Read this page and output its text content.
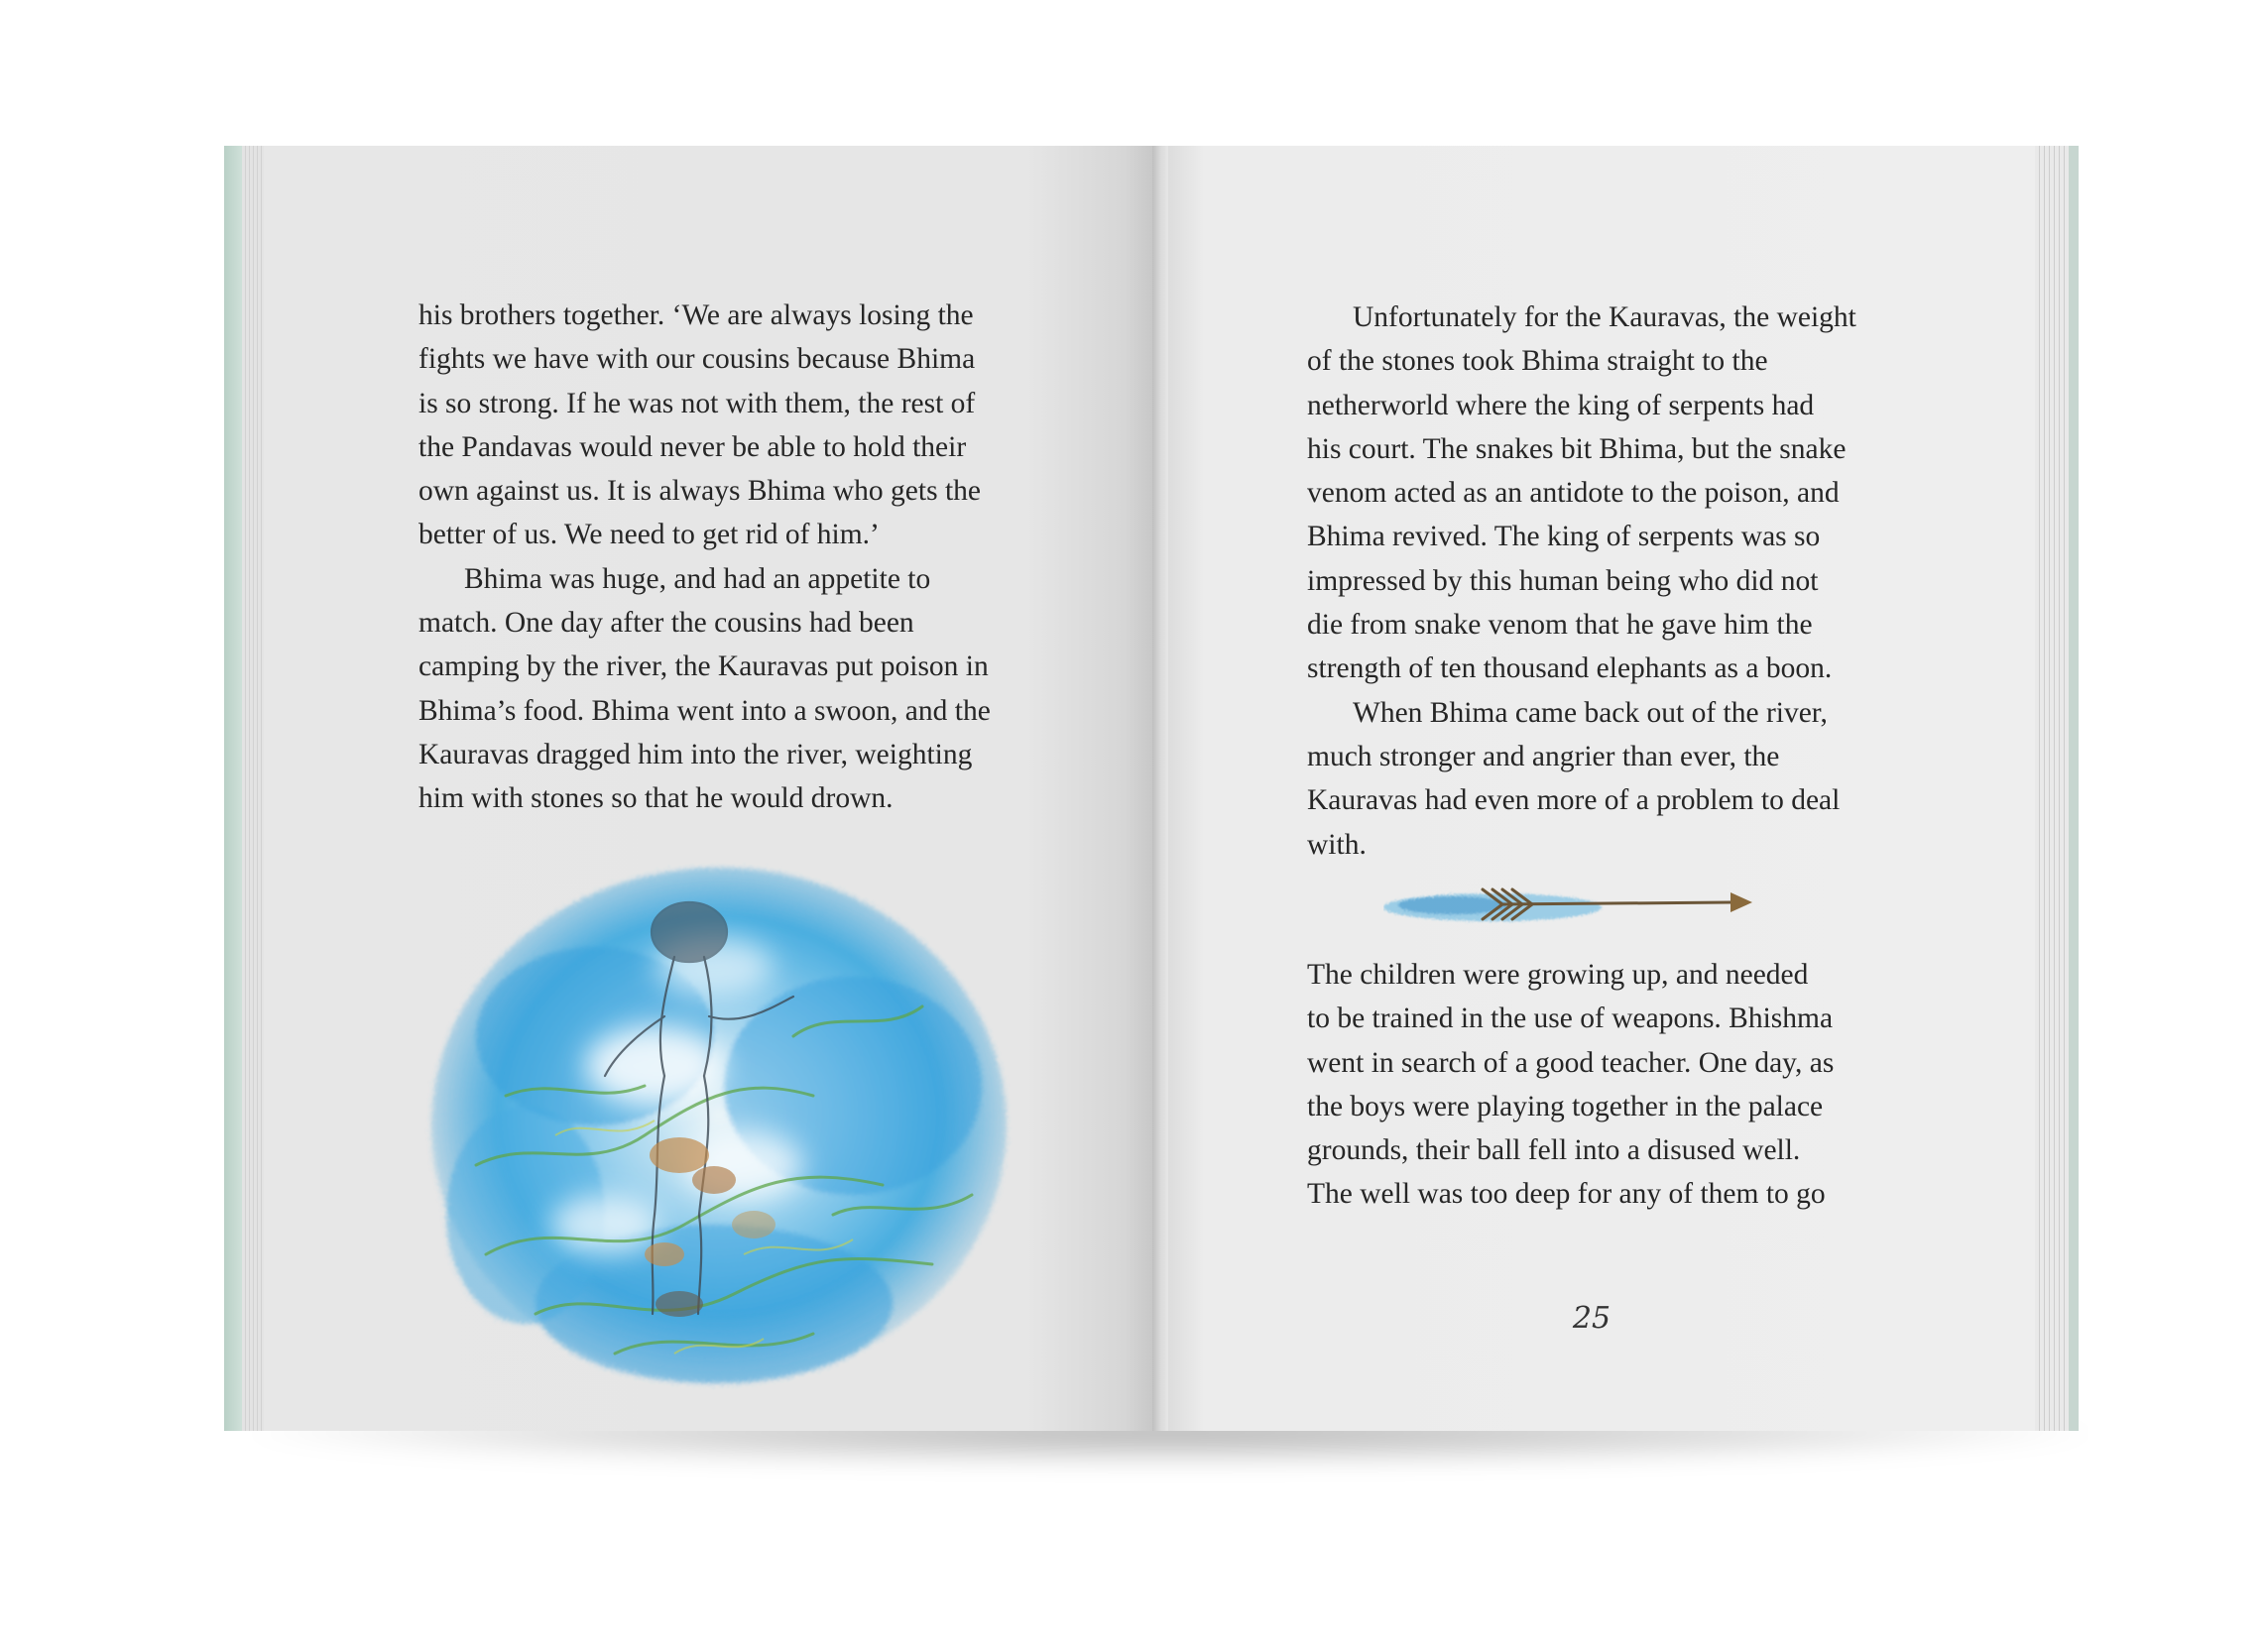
his brothers together. ‘We are always losing the

fights we have with our cousins because Bhima

is so strong. If he was not with them, the rest of

the Pandavas would never be able to hold their

own against us. It is always Bhima who gets the

better of us. We need to get rid of him.’

Bhima was huge, and had an appetite to

match. One day after the cousins had been

camping by the river, the Kauravas put poison in

Bhima’s food. Bhima went into a swoon, and the

Kauravas dragged him into the river, weighting

him with stones so that he would drown.

Unfortunately for the Kauravas, the weight

of the stones took Bhima straight to the

netherworld where the king of serpents had

his court. The snakes bit Bhima, but the snake

venom acted as an antidote to the poison, and

Bhima revived. The king of serpents was so

impressed by this human being who did not

die from snake venom that he gave him the

strength of ten thousand elephants as a boon.

When Bhima came back out of the river,

much stronger and angrier than ever, the

Kauravas had even more of a problem to deal

with.

The children were growing up, and needed

to be trained in the use of weapons. Bhishma

went in search of a good teacher. One day, as

the boys were playing together in the palace

grounds, their ball fell into a disused well.

The well was too deep for any of them to go

25
